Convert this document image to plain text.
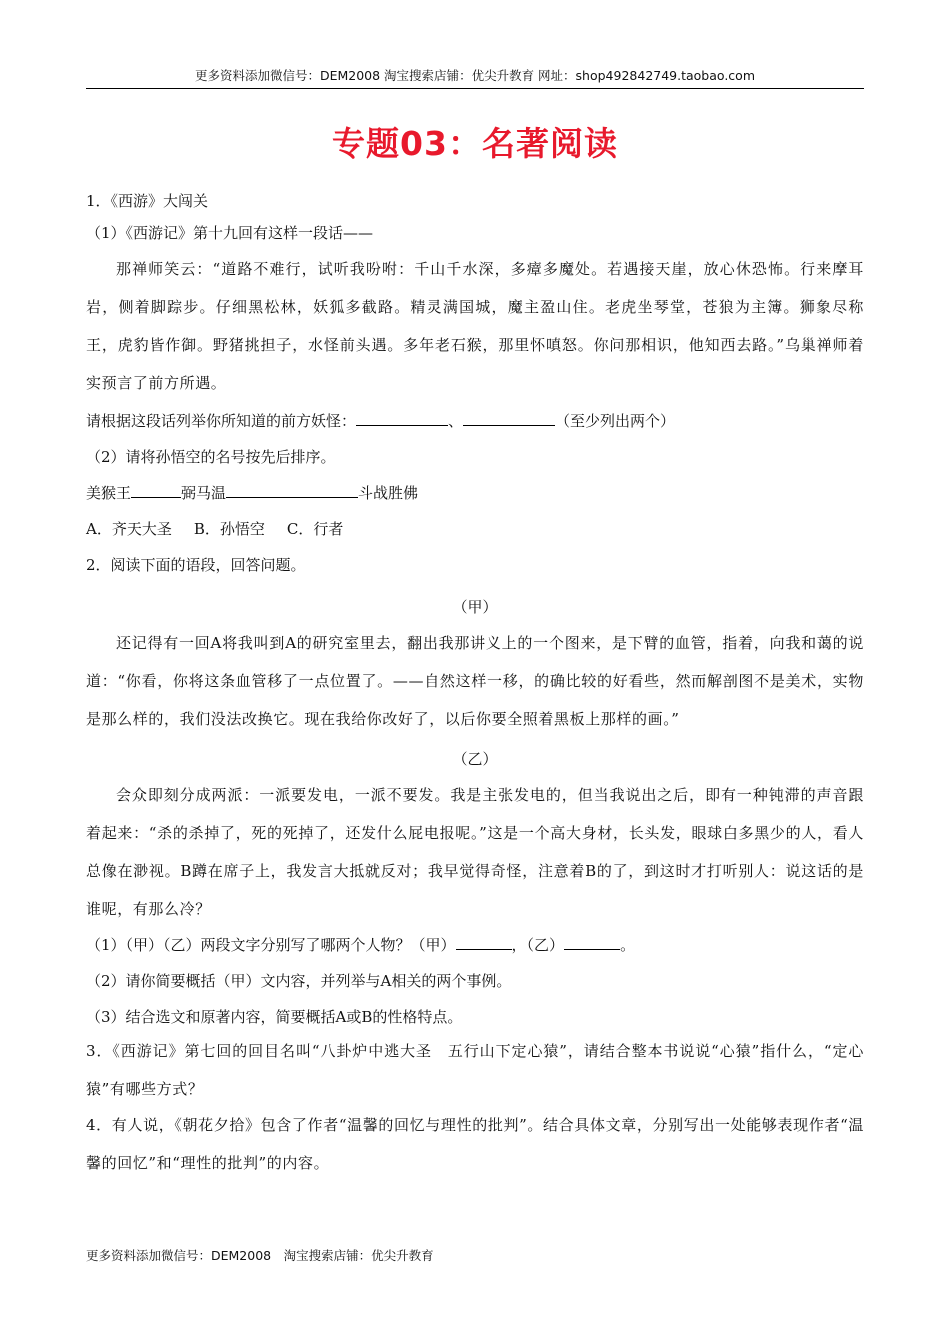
更多资料添加微信号：DEM2008 淘宝搜索店铺：优尖升教育 网址：shop492842749.taobao.com
专题03：名著阅读
1．《西游》大闯关
（1）《西游记》第十九回有这样一段话——
那禅师笑云：“道路不难行，试听我吩咐：千山千水深，多瘴多魔处。若遇接天崖，放心休恐怖。行来摩耳岩，侧着脚踪步。仔细黑松林，妖狐多截路。精灵满国城，魔主盈山住。老虎坐琴堂，苍狼为主簿。狮象尽称王，虎豹皆作御。野猪挑担子，水怪前头遇。多年老石猴，那里怀嗔怒。你问那相识，他知西去路。”乌巢禅师着实预言了前方所遇。
请根据这段话列举你所知道的前方妖怪：	、	（至少列出两个）
（2）请将孙悟空的名号按先后排序。
美猴王	弼马温	斗战胜佛
A．齐天大圣 B．孙悟空 C．行者
2．阅读下面的语段，回答问题。
（甲）
还记得有一回A将我叫到A的研究室里去，翻出我那讲义上的一个图来，是下臂的血管，指着，向我和蔼的说道：“你看，你将这条血管移了一点位置了。——自然这样一移，的确比较的好看些，然而解剖图不是美术，实物是那么样的，我们没法改换它。现在我给你改好了，以后你要全照着黑板上那样的画。”
（乙）
会众即刻分成两派：一派要发电，一派不要发。我是主张发电的，但当我说出之后，即有一种钝滞的声音跟着起来：“杀的杀掉了，死的死掉了，还发什么屁电报呢。”这是一个高大身材，长头发，眼球白多黑少的人，看人总像在渺视。B蹲在席子上，我发言大抵就反对；我早觉得奇怪，注意着B的了，到这时才打听别人：说这话的是谁呢，有那么冷？
（1）（甲）（乙）两段文字分别写了哪两个人物？（甲）	，（乙）	。
（2）请你简要概括（甲）文内容，并列举与A相关的两个事例。
（3）结合选文和原著内容，简要概括A或B的性格特点。
3．《西游记》第七回的回目名叫“八卦炉中逃大圣　五行山下定心猿”，请结合整本书说说“心猿”指什么，“定心猿”有哪些方式？
4．有人说，《朝花夕拾》包含了作者“温馨的回忆与理性的批判”。结合具体文章，分别写出一处能够表现作者“温馨的回忆”和“理性的批判”的内容。
更多资料添加微信号：DEM2008　淘宝搜索店铺：优尖升教育
